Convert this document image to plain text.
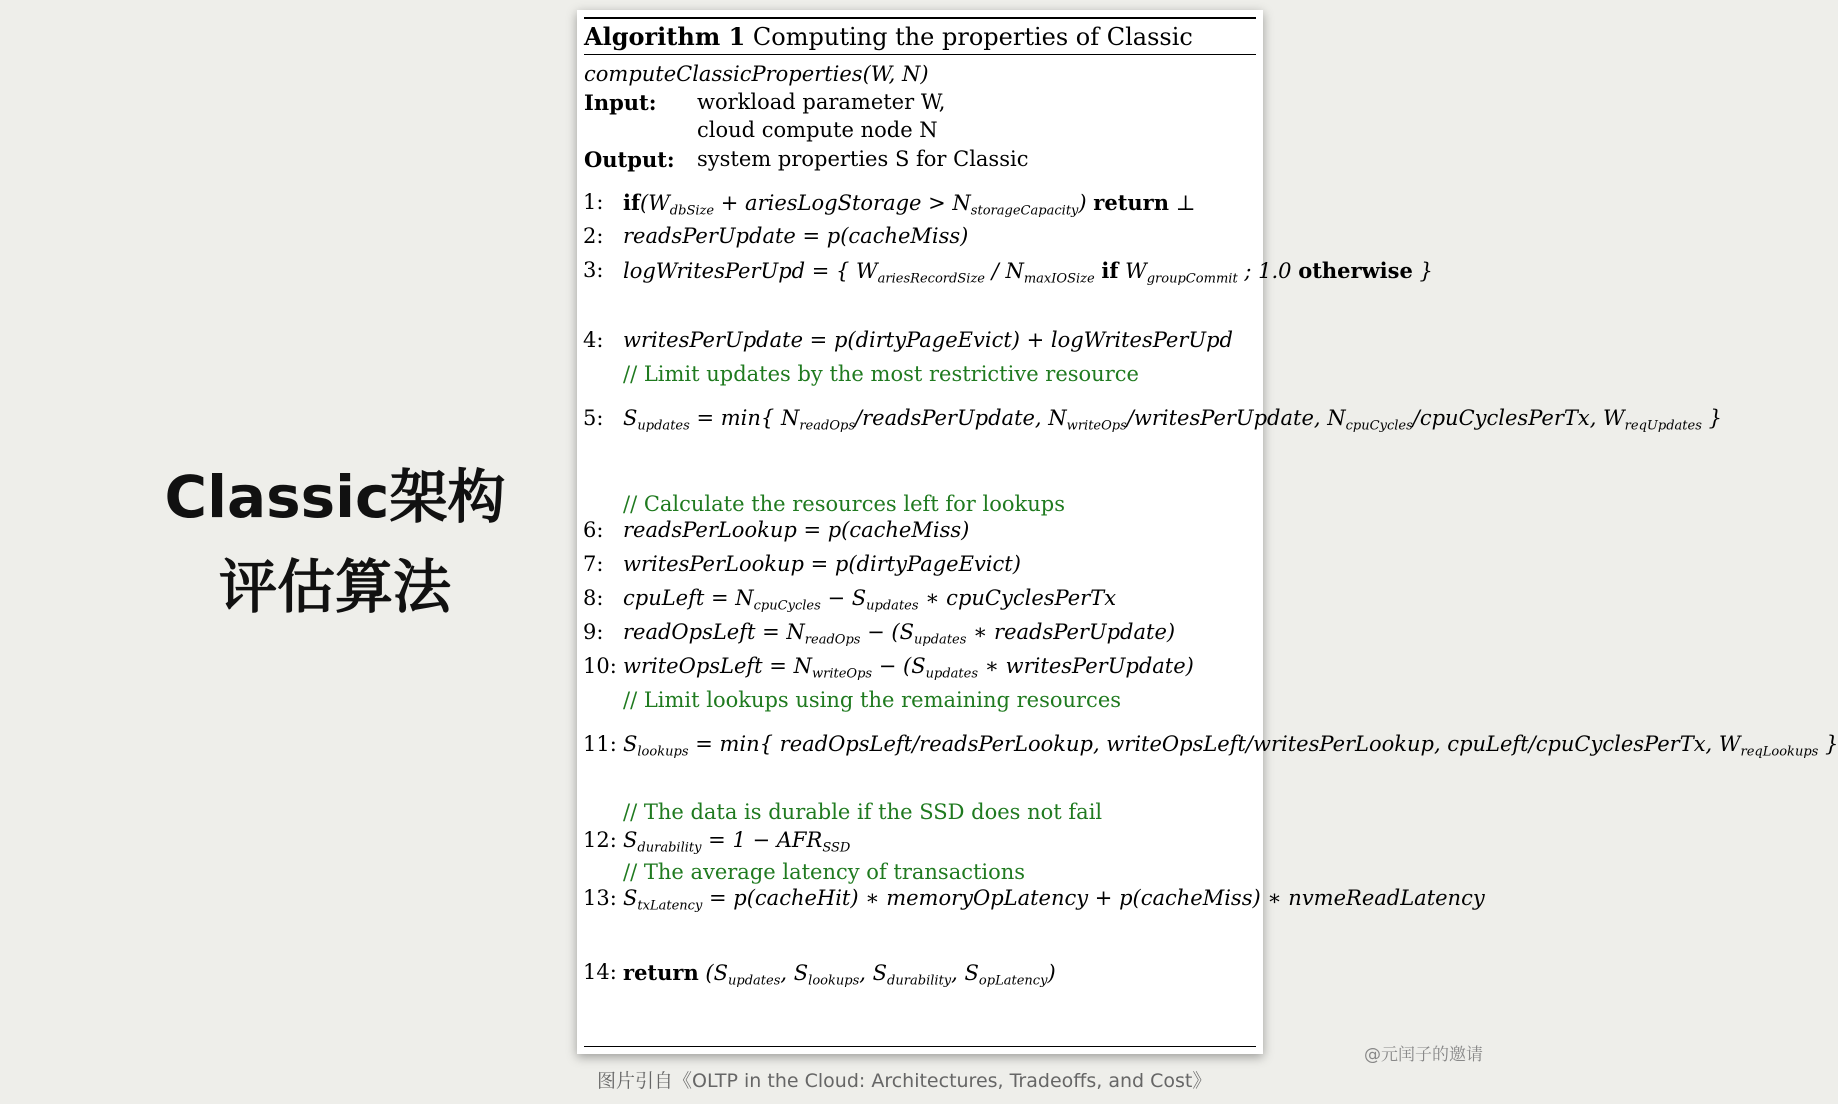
Classic架构
评估算法
Algorithm 1 Computing the properties of Classic
computeClassicProperties(W, N)
Input: workload parameter W,
cloud compute node N
Output: system properties S for Classic
1: $if(W_{dbSize}$ + ariesLogStorage > $N_{storageCapacity}$) return ⊥
2: readsPerUpdate = p(cacheMiss)
3: logWritesPerUpd = { $W_{ariesRecordSize} / N_{maxIOSize}$ if $W_{groupCommit}$ ; 1.0 otherwise }
4: writesPerUpdate = p(dirtyPageEvict) + logWritesPerUpd
// Limit updates by the most restrictive resource
5: $S_{updates} = \min${ $N_{readOps}$/readsPerUpdate, $N_{writeOps}$/writesPerUpdate, $N_{cpuCycles}$/cpuCyclesPerTx, $W_{reqUpdates}$ }
// Calculate the resources left for lookups
6: readsPerLookup = p(cacheMiss)
7: writesPerLookup = p(dirtyPageEvict)
8: cpuLeft = $N_{cpuCycles} - S_{updates}$ ∗ cpuCyclesPerTx
9: readOpsLeft = $N_{readOps} - (S_{updates}$ ∗ readsPerUpdate)
10: writeOpsLeft = $N_{writeOps} - (S_{updates}$ ∗ writesPerUpdate)
// Limit lookups using the remaining resources
11: $S_{lookups} = \min${ readOpsLeft/readsPerLookup, writeOpsLeft/writesPerLookup, cpuLeft/cpuCyclesPerTx, $W_{reqLookups}$ }
// The data is durable if the SSD does not fail
12: $S_{durability} = 1 - AFR_{SSD}$
// The average latency of transactions
13: $S_{txLatency}$ = p(cacheHit) ∗ memoryOpLatency + p(cacheMiss) ∗ nvmeReadLatency
14: return ($S_{updates}$, $S_{lookups}$, $S_{durability}$, $S_{opLatency}$)
图片引自《OLTP in the Cloud: Architectures, Tradeoffs, and Cost》
@元闰子的邀请
